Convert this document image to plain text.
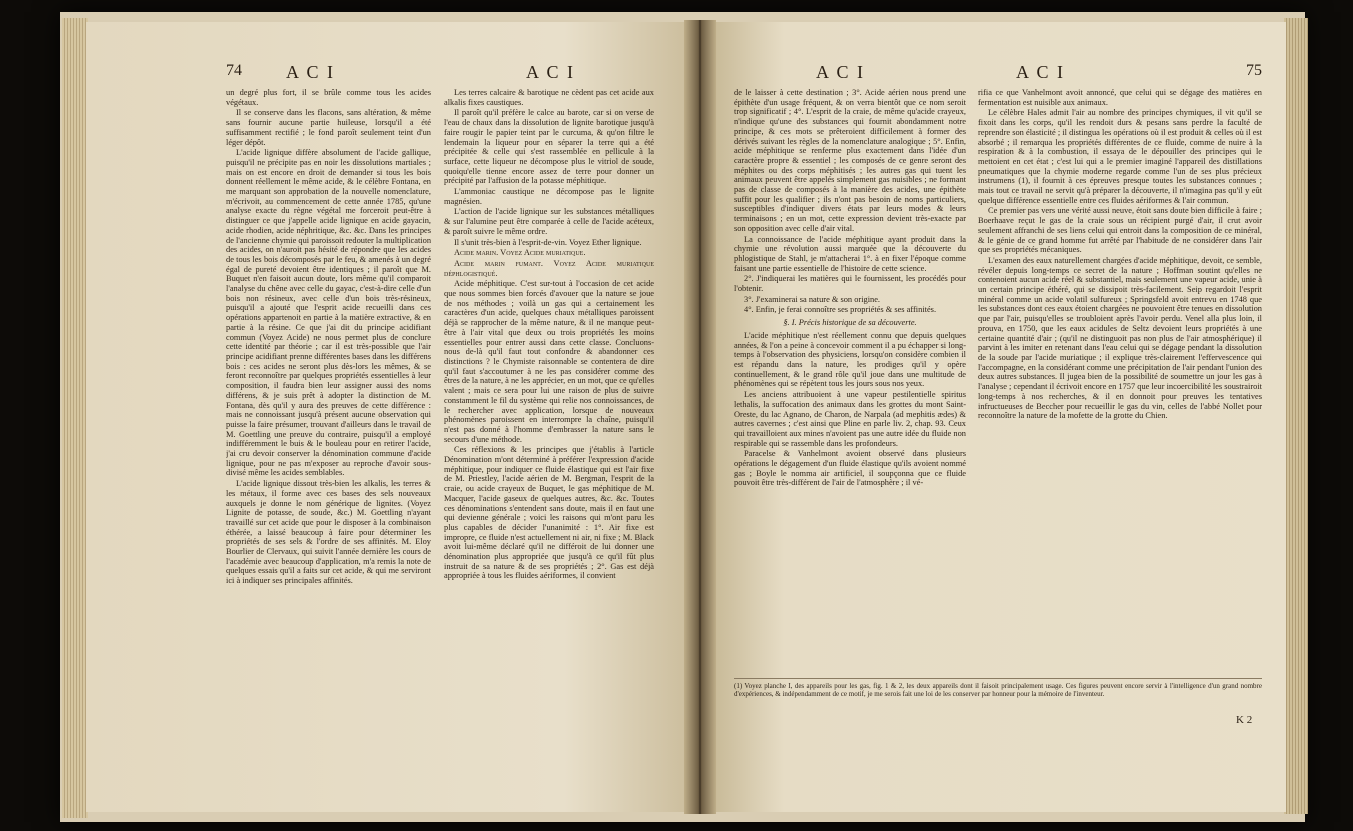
74 A C I	A C I

un degré plus fort, il se brûle comme tous les acides végétaux.

Il se conserve dans les flacons, sans altération, & même sans fournir aucune partie huileuse, lorsqu'il a été suffisamment rectifié ; le fond paroît seulement teint d'un léger dépôt.

L'acide lignique diffère absolument de l'acide gallique, puisqu'il ne précipite pas en noir les dissolutions martiales ; mais on est encore en droit de demander si tous les bois donnent réellement le même acide, & le célèbre Fontana, en me marquant son approbation de la nouvelle nomenclature, m'écrivoit, au commencement de cette année 1785, qu'une analyse exacte du règne végétal me forceroit peut-être à distinguer ce que j'appelle acide lignique en acide gayacin, acide rhodien, acide néphritique, &c. &c. Dans les principes de l'ancienne chymie qui paroissoit redouter la multiplication des acides, on n'auroit pas hésité de répondre que les acides de tous les bois décomposés par le feu, & amenés à un degré égal de pureté devoient être identiques ; il paroît que M. Buquet n'en faisoit aucun doute, lors même qu'il comparoit l'analyse du chêne avec celle du gayac, c'est-à-dire celle d'un bois non résineux, avec celle d'un bois très-résineux, puisqu'il a ajouté que l'esprit acide recueilli dans ces opérations appartenoit en partie à la matière extractive, & en partie à la résine. Ce que j'ai dit du principe acidifiant commun (Voyez Acide) ne nous permet plus de conclure cette identité par théorie ; car il est très-possible que l'air principe acidifiant prenne différentes bases dans les différens bois : ces acides ne seront plus dès-lors les mêmes, & se feront reconnoître par quelques propriétés essentielles à leur composition, il faudra bien leur assigner aussi des noms différens, & je suis prêt à adopter la distinction de M. Fontana, dès qu'il y aura des preuves de cette différence : mais ne connoissant jusqu'à présent aucune observation qui puisse la faire présumer, trouvant d'ailleurs dans le travail de M. Goettling une preuve du contraire, puisqu'il a employé indifféremment le buis & le bouleau pour en retirer l'acide, j'ai cru devoir conserver la dénomination commune d'acide lignique, pour ne pas m'exposer au reproche d'avoir sous-divisé même les acides semblables.

L'acide lignique dissout très-bien les alkalis, les terres & les métaux, il forme avec ces bases des sels nouveaux auxquels je donne le nom générique de lignites. (Voyez Lignite de potasse, de soude, &c.) M. Goettling n'ayant travaillé sur cet acide que pour le disposer à la combinaison éthérée, a laissé beaucoup à faire pour déterminer les propriétés de ses sels & l'ordre de ses affinités. M. Eloy Bourlier de Clervaux, qui suivit l'année dernière les cours de l'académie avec beaucoup d'application, m'a remis la note de quelques essais qu'il a faits sur cet acide, & qui me serviront ici à indiquer ses principales affinités.

Les terres calcaire & barotique ne cèdent pas cet acide aux alkalis fixes caustiques.

Il paroît qu'il préfère le calce au barote, car si on verse de l'eau de chaux dans la dissolution de lignite barotique jusqu'à faire rougir le papier teint par le curcuma, & qu'on filtre le lendemain la liqueur pour en séparer la terre qui a été précipitée & celle qui s'est rassemblée en pellicule à la surface, cette liqueur ne décompose plus le vitriol de soude, quoiqu'elle tienne encore assez de terre pour donner un précipité par l'affusion de la potasse méphitique.

L'ammoniac caustique ne décompose pas le lignite magnésien.

L'action de l'acide lignique sur les substances métalliques & sur l'alumine peut être comparée à celle de l'acide acéteux, & paroît suivre le même ordre.

Il s'unit très-bien à l'esprit-de-vin. Voyez Ether lignique.

Acide marin. Voyez Acide muriatique.

Acide marin fumant. Voyez Acide muriatique déphlogistiqué.

Acide méphitique. C'est sur-tout à l'occasion de cet acide que nous sommes bien forcés d'avouer que la nature se joue de nos méthodes ; voilà un gas qui a certainement les caractères d'un acide, quelques chaux métalliques paroissent déjà se rapprocher de la même nature, & il ne manque peut-être à l'air vital que deux ou trois propriétés les moins essentielles pour entrer aussi dans cette classe. Concluons-nous de-là qu'il faut tout confondre & abandonner ces distinctions ? le Chymiste raisonnable se contentera de dire qu'il faut s'accoutumer à ne les pas considérer comme des êtres de la nature, à ne les apprécier, en un mot, que ce qu'elles valent ; mais ce sera pour lui une raison de plus de suivre constamment le fil du système qui relie nos connoissances, de le rechercher avec application, lorsque de nouveaux phénomènes paroissent en interrompre la chaîne, puisqu'il n'est pas donné à l'homme d'embrasser la nature sans le secours d'une méthode.

Ces réflexions & les principes que j'établis à l'article Dénomination m'ont déterminé à préférer l'expression d'acide méphitique, pour indiquer ce fluide élastique qui est l'air fixe de M. Priestley, l'acide aérien de M. Bergman, l'esprit de la craie, ou acide crayeux de Buquet, le gas méphitique de M. Macquer, l'acide gaseux de quelques autres, &c. &c. Toutes ces dénominations s'entendent sans doute, mais il en faut une qui devienne générale ; voici les raisons qui m'ont paru les plus capables de décider l'unanimité : 1°. Air fixe est impropre, ce fluide n'est actuellement ni air, ni fixe ; M. Black avoit lui-même déclaré qu'il ne différoit de lui donner une dénomination plus appropriée que jusqu'à ce qu'il fût plus instruit de sa nature & de ses propriétés ; 2°. Gas est déjà appropriée à tous les fluides aériformes, il convient

A C I	A C I	75

de le laisser à cette destination ; 3°. Acide aérien nous prend une épithète d'un usage fréquent, & on verra bientôt que ce nom seroit trop significatif ; 4°. L'esprit de la craie, de même qu'acide crayeux, n'indique qu'une des substances qui fournit abondamment notre principe, & ces mots se prêteroient difficilement à former des dérivés suivant les règles de la nomenclature analogique ; 5°. Enfin, acide méphitique se renferme plus exactement dans l'idée d'un caractère propre & essentiel ; les composés de ce genre seront des méphites ou des corps méphitisés ; les autres gas qui tuent les animaux peuvent être appelés simplement gas nuisibles ; ne formant pas de classe de composés à la manière des acides, une épithète suffit pour les qualifier ; ils n'ont pas besoin de noms particuliers, susceptibles d'indiquer divers états par leurs modes & leurs terminaisons ; en un mot, cette expression devient très-exacte par son opposition avec celle d'air vital.

La connoissance de l'acide méphitique ayant produit dans la chymie une révolution aussi marquée que la découverte du phlogistique de Stahl, je m'attacherai 1°. à en fixer l'époque comme faisant une partie essentielle de l'histoire de cette science.

2°. J'indiquerai les matières qui le fournissent, les procédés pour l'obtenir.

3°. J'examinerai sa nature & son origine.

4°. Enfin, je ferai connoître ses propriétés & ses affinités.

§. I. Précis historique de sa découverte.

L'acide méphitique n'est réellement connu que depuis quelques années, & l'on a peine à concevoir comment il a pu échapper si long-temps à l'observation des physiciens, lorsqu'on considère combien il est répandu dans la nature, les prodiges qu'il y opère continuellement, & le grand rôle qu'il joue dans une multitude de phénomènes qui se répètent tous les jours sous nos yeux.

Les anciens attribuoient à une vapeur pestilentielle spiritus lethalis, la suffocation des animaux dans les grottes du mont Saint-Oreste, du lac Agnano, de Charon, de Narpala (ad mephitis ædes) & autres cavernes ; c'est ainsi que Pline en parle liv. 2, chap. 93. Ceux qui travailloient aux mines n'avoient pas une autre idée du fluide non respirable qui se rassemble dans les profondeurs.

Paracelse & Vanhelmont avoient observé dans plusieurs opérations le dégagement d'un fluide élastique qu'ils avoient nommé gas ; Boyle le nomma air artificiel, il soupçonna que ce fluide pouvoit être très-différent de l'air de l'atmosphère ; il vé-

rifia ce que Vanhelmont avoit annoncé, que celui qui se dégage des matières en fermentation est nuisible aux animaux.

Le célèbre Hales admit l'air au nombre des principes chymiques, il vit qu'il se fixoit dans les corps, qu'il les rendoit durs & pesans sans perdre la faculté de reprendre son élasticité ; il distingua les opérations où il est produit & celles où il est absorbé ; il remarqua les propriétés différentes de ce fluide, comme de nuire à la respiration & à la combustion, il essaya de le dépouiller des principes qui le mettoient en cet état ; c'est lui qui a le premier imaginé l'appareil des distillations pneumatiques que la chymie moderne regarde comme l'un de ses plus précieux instrumens (1), il fournit à ces épreuves presque toutes les substances connues ; mais tout ce travail ne servit qu'à préparer la découverte, il n'imagina pas qu'il y eût quelque différence essentielle entre ces fluides aériformes & l'air commun.

Ce premier pas vers une vérité aussi neuve, étoit sans doute bien difficile à faire ; Boerhaave reçut le gas de la craie sous un récipient purgé d'air, il crut avoir seulement affranchi de ses liens celui qui entroit dans la composition de ce minéral, & le génie de ce grand homme fut arrêté par l'habitude de ne considérer dans l'air que ses propriétés mécaniques.

L'examen des eaux naturellement chargées d'acide méphitique, devoit, ce semble, révéler depuis long-temps ce secret de la nature ; Hoffman soutint qu'elles ne contenoient aucun acide réel & substantiel, mais seulement une vapeur acide, unie à un certain principe éthéré, qui se dissipoit très-facilement. Seip regardoit l'esprit minéral comme un acide volatil sulfureux ; Springsfeld avoit entrevu en 1748 que les substances dont ces eaux étoient chargées ne pouvoient être tenues en dissolution que par l'air, puisqu'elles se troubloient après l'avoir perdu. Venel alla plus loin, il prouva, en 1750, que les eaux acidules de Seltz devoient leurs propriétés à une certaine quantité d'air ; (qu'il ne distinguoit pas non plus de l'air atmosphérique) il parvint à les imiter en retenant dans l'eau celui qui se dégage pendant la dissolution de la soude par l'acide muriatique ; il explique très-clairement l'effervescence qui l'accompagne, en la considérant comme une précipitation de l'air pendant l'union des deux autres substances. Il jugea bien de la possibilité de soumettre un jour les gas à l'analyse ; cependant il écrivoit encore en 1757 que leur incoercibilité les soustrairoit long-temps à nos recherches, & il en donnoit pour preuves les tentatives infructueuses de Beccher pour recueillir le gas du vin, celles de l'abbé Nollet pour reconnoître la nature de la mofette de la grotte du Chien.

(1) Voyez planche I, des appareils pour les gas, fig. 1 & 2, les deux appareils dont il faisoit principalement usage. Ces figures peuvent encore servir à l'intelligence d'un grand nombre d'expériences, & indépendamment de ce motif, je me serois fait une loi de les conserver par honneur pour la mémoire de l'inventeur.
K 2
